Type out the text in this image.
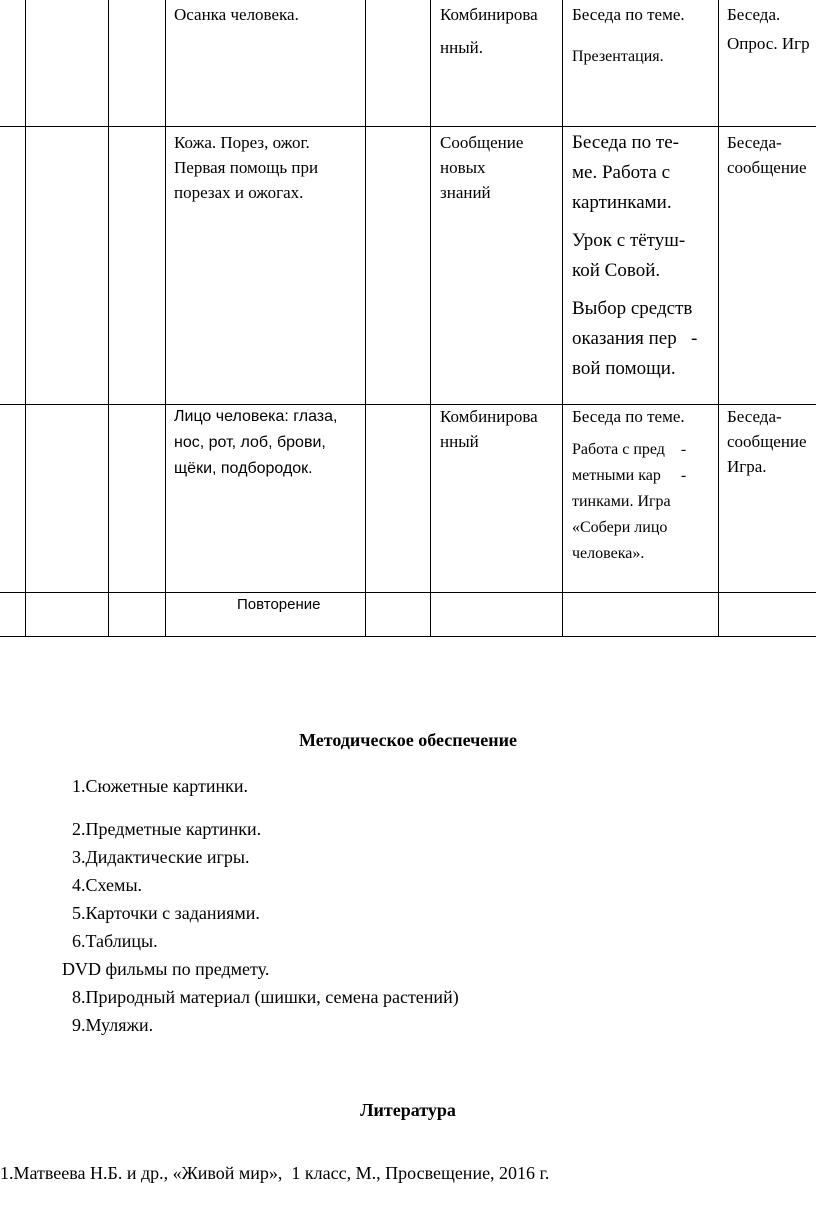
Осанка человека.	Комбинирова

нный.

Беседа по теме.

Презентация.

Беседа.

Опрос. Игр

Кожа. Порез, ожог.

Первая помощь при

порезах и ожогах.

Сообщение

новых

знаний

Беседа по те-

ме. Работа с

картинками.

Урок с тётуш-

кой Совой.

Выбор средств

оказания пер   -

вой помощи.

Беседа-

сообщение

Лицо человека: глаза,

нос, рот, лоб, брови,

щёки, подбородок.

Комбинирова

нный

Беседа по теме.

Работа с пред    -

метными кар     -

тинками. Игра

«Собери лицо

человека».

Беседа-

сообщение

Игра.

Повторение
Методическое обеспечение
1.Сюжетные картинки.
2.Предметные картинки.
3.Дидактические игры.
4.Схемы.
5.Карточки с заданиями.
6.Таблицы.
DVD фильмы по предмету.
8.Природный материал (шишки, семена растений)
9.Муляжи.
Литература
1.Матвеева Н.Б. и др., «Живой мир»,  1 класс, М., Просвещение, 2016 г.
